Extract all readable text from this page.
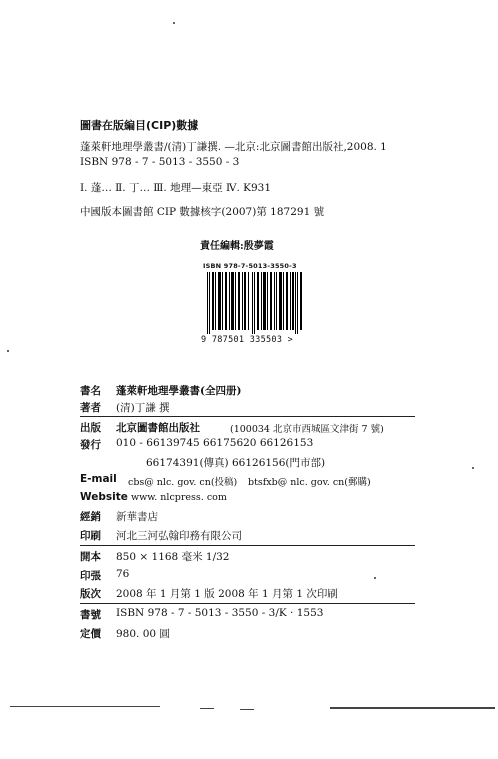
圖書在版編目(CIP)數據
蓬萊軒地理學叢書/(清)丁謙撰. —北京:北京圖書館出版社,2008. 1
ISBN 978 - 7 - 5013 - 3550 - 3
Ⅰ. 蓬… Ⅱ. 丁… Ⅲ. 地理—東亞 Ⅳ. K931
中國版本圖書館 CIP 數據核字(2007)第 187291 號
責任編輯:殷夢霞
ISBN 978-7-5013-3550-3
9 787501 335503 >
書名 蓬萊軒地理學叢書(全四册)
著者 (清)丁謙 撰
出版 北京圖書館出版社	(100034 北京市西城區文津街 7 號)
發行 010 - 66139745 66175620 66126153
66174391(傳真) 66126156(門市部)
E-mail cbs@ nlc. gov. cn(投稿) btsfxb@ nlc. gov. cn(郵購)
Website www. nlcpress. com
經銷 新華書店
印刷 河北三河弘翰印務有限公司
開本 850 × 1168 毫米 1/32
印張 76
版次 2008 年 1 月第 1 版 2008 年 1 月第 1 次印刷
書號 ISBN 978 - 7 - 5013 - 3550 - 3/K · 1553
定價 980. 00 圓
